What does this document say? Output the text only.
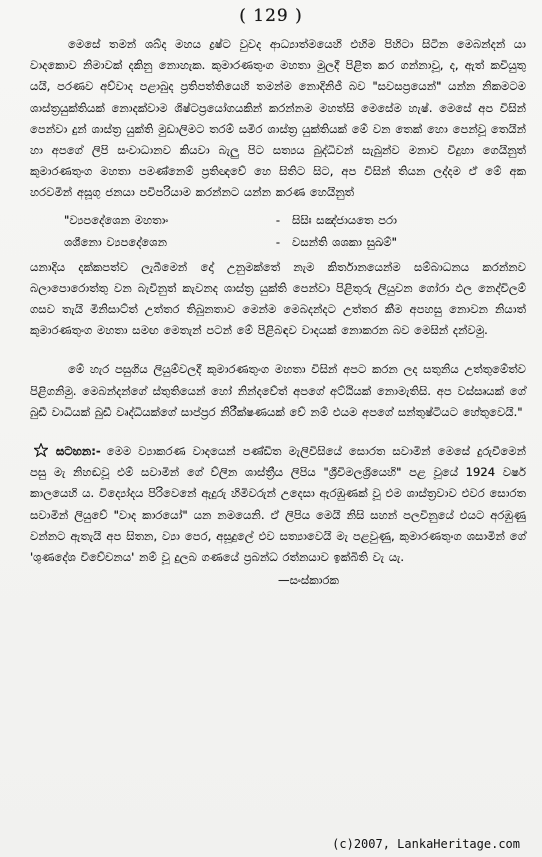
( 129 )

මෙසේ තමන් ශබ්ද මහය ද්‍රෂ්ට වුවද ආධ්‍යාත්මයෙහි එහිම පිහිටා සිටින මෙබන්දන් යා වාදකොව නිමාවක් දකිනු නොහැක. කුමාරණතුංග මහතා මුලදී පිළිත කර ගන්නාවූ, ද, ඇත් කවියුතු යයි, පරණව අව්වාද පළාබුද ප්‍රතිපත්තියෙහි තමන්ම නොදිනිජී බව "සවසප්‍රයෙන්" යන්න නිකමටම ශාස්ත්‍රයුක්තියක් නොදක්වාම ශිෂ්ටප්‍රයෝගයකින් කරන්නම මහත්සි මෙසේම හැෂ්. මෙසේ අප විසින් පෙන්වා දුන් ශාස්ත්‍ර යුක්ති මුඩාලිමට තරම් සමිර ශාස්ත්‍ර යුක්තියක් මේ වන තෙක් හො පෙන්වූ තෙයින් හා අපගේ ලිපි සංවාධානව කියවා බැලු පිට සත්‍යය බුද්ධිවන් සැබුන්ව මනාව විදුහා ගෙයිනුත් කුමාරණතුංග මහතා පමණ්නෙම් ප්‍රතිඥවේ හෙ සිතිට සිට, අප විසින් තියන ලද්දම ඒ මේ අක හරවමින් අසූගු ජනයා පවිපරියාම කරන්නට යන්න කරණ හෙයිනුත්

"ව්‍යපදේශෙන මහතාං	-	සිසිඃ සඤ්ජායතෙ පරා
ශශීනො ව්‍යපදේශෙන	-	වසන්ති ශශකා සුඛම්"

යනාදිය දක්කපත්ව ලැබීමෙන් දෝ උනුමක්තේ නැම කිර්තානයෙන්ම සම්බාධනය කරන්නව බලාපොරොත්තු වන බැවිනුත් කැවනද ශාස්ත්‍ර යුක්ති පෙන්වා පිළිතුරු ලියුවන ගෝරා ඵල නෙද්විලම් ගසව තැයි මිනිසාට්ත් උත්තර තිබුනතාව මෙන්ම මෙබදන්දට උත්තර කීම අපහසු නොවන නියාත් කුමාරණතුංග මහතා සමඟ මෙතැන් පටන් මේ පිළිබඳව වාදයක් නොකරන බව මෙසින් දන්වමු.

මේ හැර පසුගිය ලියුම්වලදී කුමාරණතුංග මහතා විසින් අපට කරන ලද සතුනිය උත්තුමේත්ව පිළිගනිමු. මෙබන්දන්ගේ ස්තුතියෙන් හෝ නින්දවේත් අපගේ අට්ඨියක් නොමැතිසි. අප වස්සෘයක් ගේ බුඩී වාධියක් බුඩී වෘද්ධියක්ගේ සාප්ප්‍රර නිරීක්ෂණයක් වේ නම් එයම අපගේ සන්තුෂ්ටියට හේතුවෙයි."

සටහන:- මෙම ව්‍යාකරණ වාදයෙන් පණ්ඩිත මැලිවිසියේ සොරත සවාමින් මෙසේ දුරුවීමෙන් පසු මැ නිහඬවූ එම් සවාමින් ගේ ව්ලින ශාස්ත්‍රීය ලිපිය "ශ්‍රීවිමලශ්‍රියෙහි" පළ වූයේ 1924 වර්ෂ කාලයෙහි ය. විද්‍යෝදය පිරිවෙනේ ඇදුරු හිමිවරුන් උදෙසා ඇරඹුණක් වූ එම ශාස්ත්‍රවාව එවර සොරත සවාමින් ලියුවේ "වාද කාරයෝ" යන නමයෙනි. ඒ ලිපිය මෙයි නිසි සහන් පලවිනුයේ එයට අරඹුණු වන්නට ඇතැයි අප සිතන, ව්‍යා පෙර, අසූදුලේ එව සත්‍යාවෙයි මැ පළවුණු, කුමාරණතුංග ශසාමින් ගේ 'ශුණදේශ විවේචනය' නම් වූ දුලබ ගණයේ ප්‍රබන්ධ රත්නයාව ඉක්බිති වැ යැ.

—සංස්කාරක
(c)2007, LankaHeritage.com
